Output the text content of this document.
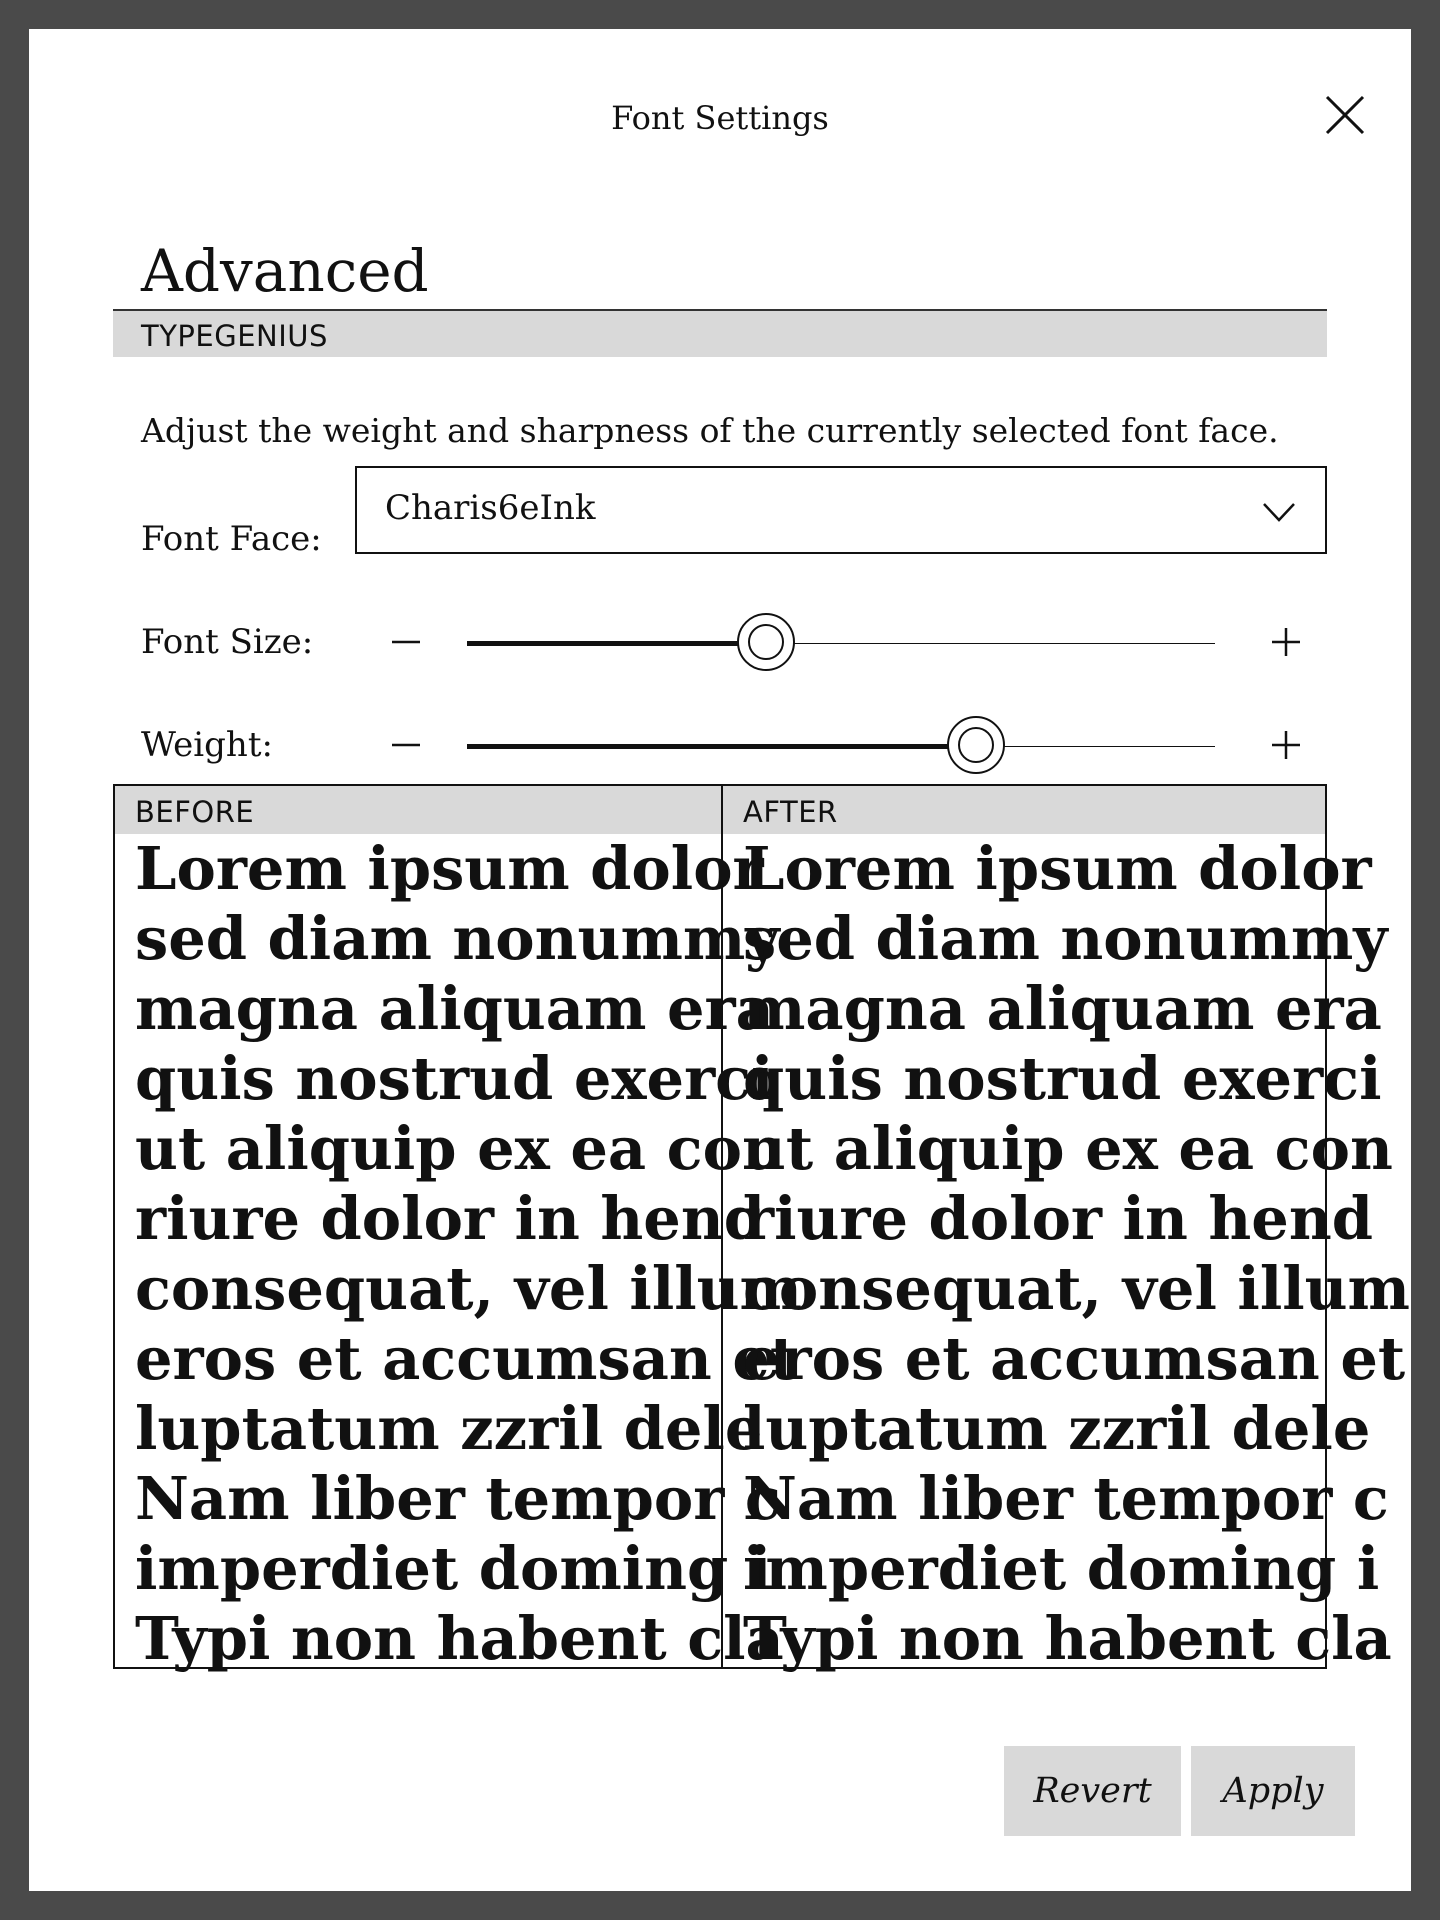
Font Settings
Advanced
TYPEGENIUS
Adjust the weight and sharpness of the currently selected font face.
Font Face:
Charis6eInk
Font Size:
Weight:
BEFORE
Lorem ipsum dolor
sed diam nonummy
magna aliquam era
quis nostrud exerci
ut aliquip ex ea con
riure dolor in hend
consequat, vel illum
eros et accumsan et
luptatum zzril dele
Nam liber tempor c
imperdiet doming i
Typi non habent cla
AFTER
Lorem ipsum dolor
sed diam nonummy
magna aliquam era
quis nostrud exerci
ut aliquip ex ea con
riure dolor in hend
consequat, vel illum
eros et accumsan et
luptatum zzril dele
Nam liber tempor c
imperdiet doming i
Typi non habent cla
Revert	Apply
